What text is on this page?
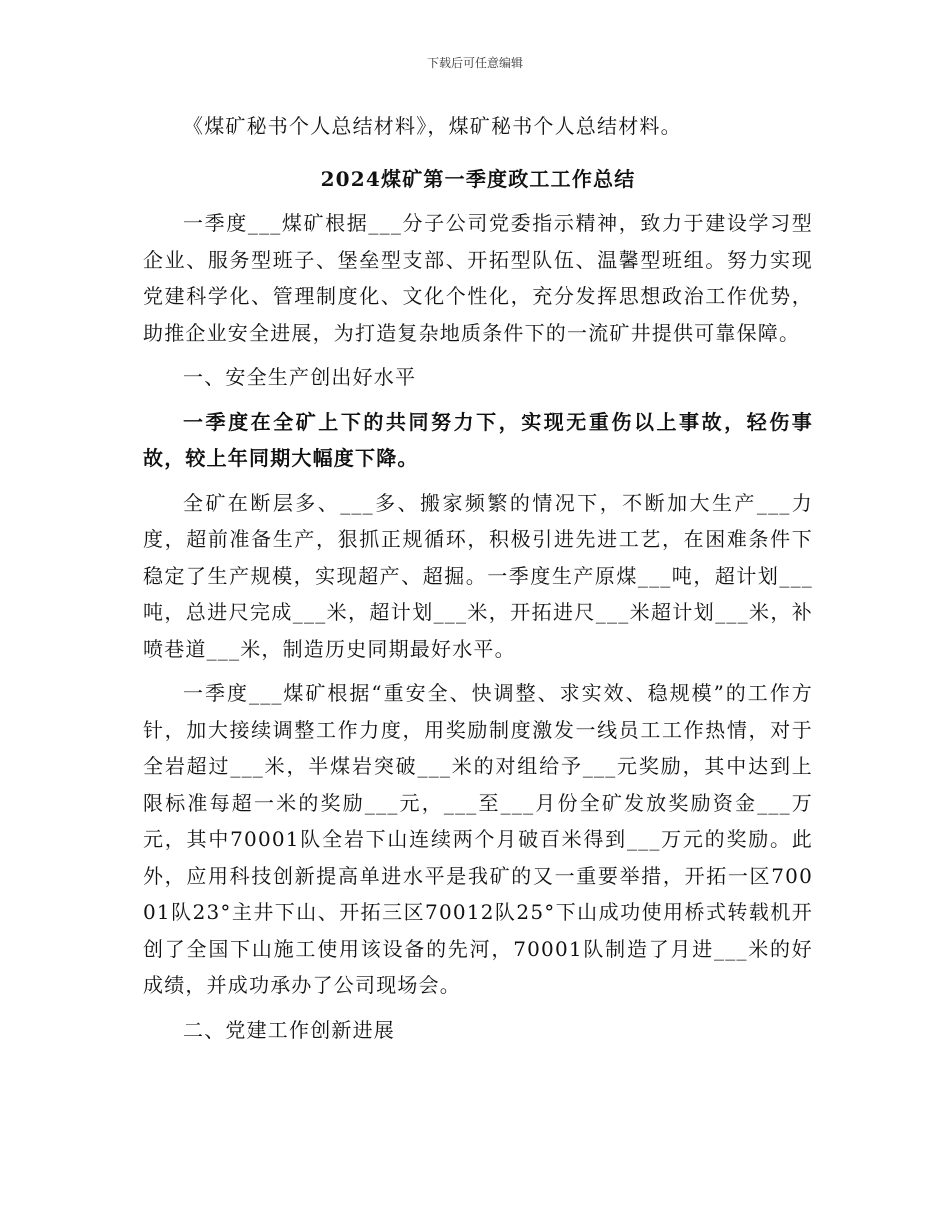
下载后可任意编辑

《煤矿秘书个人总结材料》，煤矿秘书个人总结材料。

2024煤矿第一季度政工工作总结

一季度___煤矿根据___分子公司党委指示精神，致力于建设学习型企业、服务型班子、堡垒型支部、开拓型队伍、温馨型班组。努力实现党建科学化、管理制度化、文化个性化，充分发挥思想政治工作优势，助推企业安全进展，为打造复杂地质条件下的一流矿井提供可靠保障。

一、安全生产创出好水平

一季度在全矿上下的共同努力下，实现无重伤以上事故，轻伤事故，较上年同期大幅度下降。

全矿在断层多、___多、搬家频繁的情况下，不断加大生产___力度，超前准备生产，狠抓正规循环，积极引进先进工艺，在困难条件下稳定了生产规模，实现超产、超掘。一季度生产原煤___吨，超计划___吨，总进尺完成___米，超计划___米，开拓进尺___米超计划___米，补喷巷道___米，制造历史同期最好水平。

一季度___煤矿根据“重安全、快调整、求实效、稳规模”的工作方针，加大接续调整工作力度，用奖励制度激发一线员工工作热情，对于全岩超过___米，半煤岩突破___米的对组给予___元奖励，其中达到上限标准每超一米的奖励___元，___至___月份全矿发放奖励资金___万元，其中70001队全岩下山连续两个月破百米得到___万元的奖励。此外，应用科技创新提高单进水平是我矿的又一重要举措，开拓一区70001队23°主井下山、开拓三区70012队25°下山成功使用桥式转载机开创了全国下山施工使用该设备的先河，70001队制造了月进___米的好成绩，并成功承办了公司现场会。

二、党建工作创新进展
